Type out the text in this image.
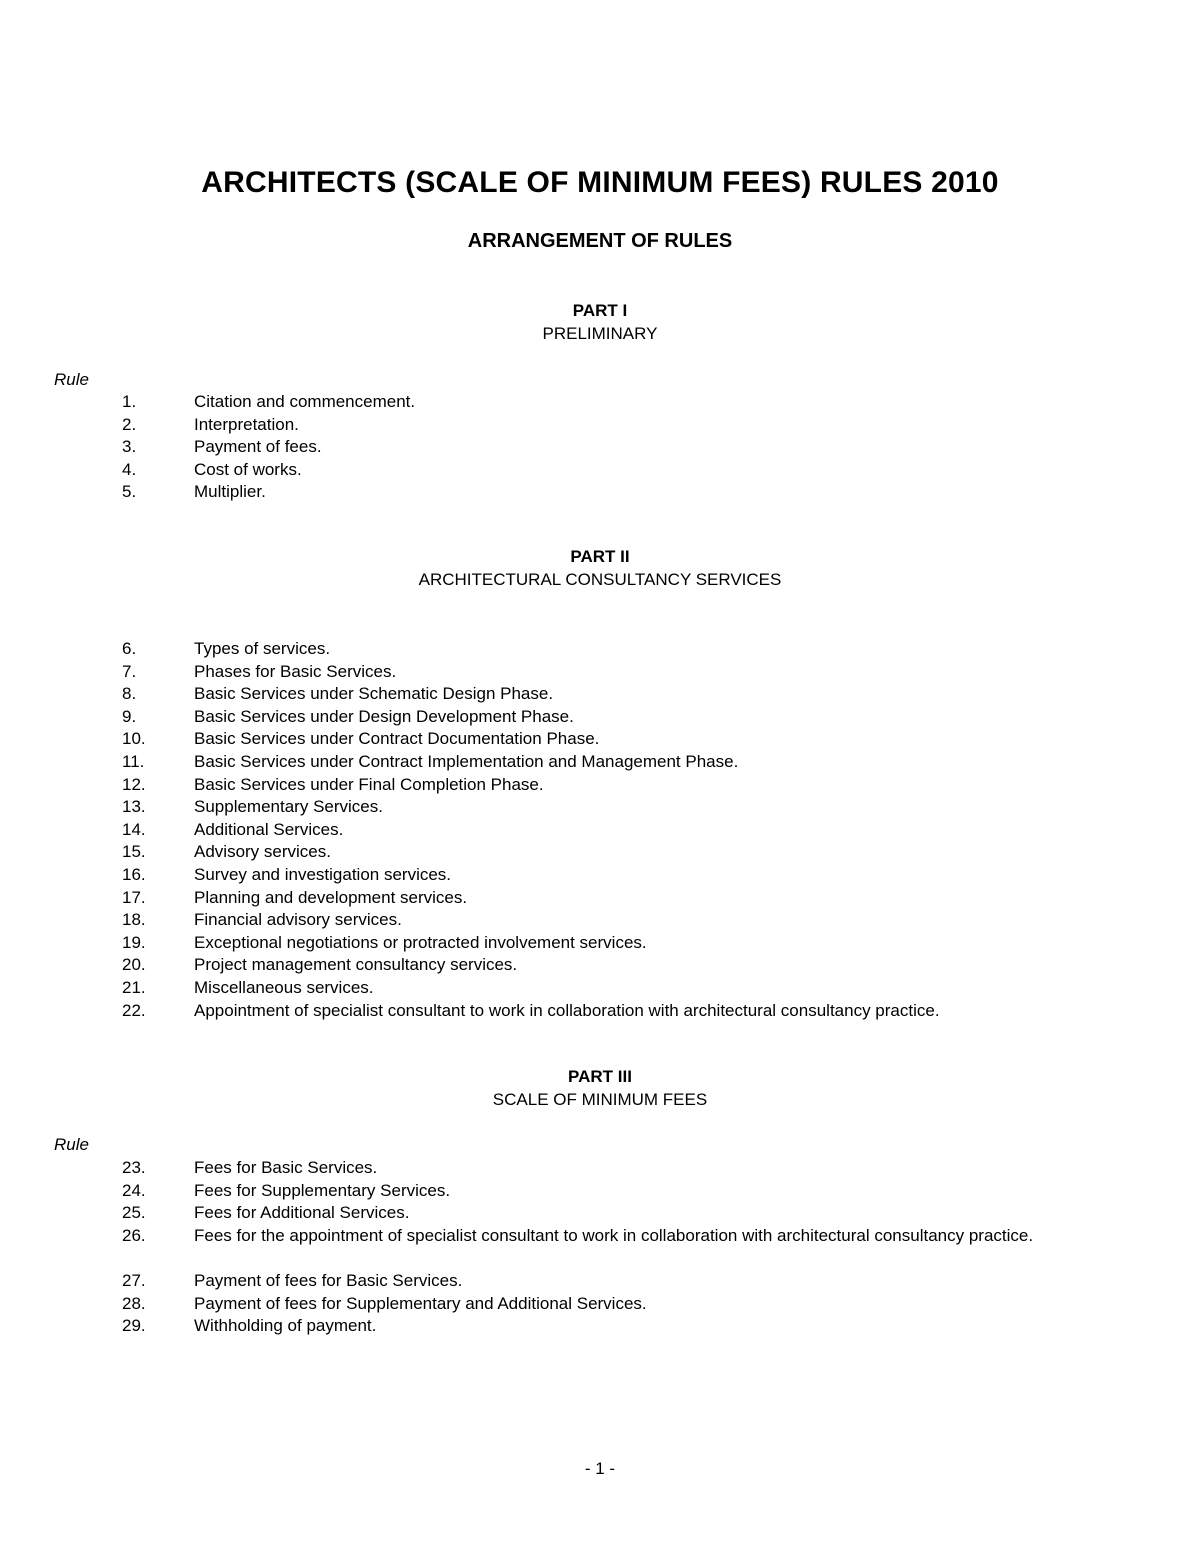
ARCHITECTS (SCALE OF MINIMUM FEES) RULES 2010
ARRANGEMENT OF RULES
PART I
PRELIMINARY
Rule
1.	Citation and commencement.
2.	Interpretation.
3.	Payment of fees.
4.	Cost of works.
5.	Multiplier.
PART II
ARCHITECTURAL CONSULTANCY SERVICES
6.	Types of services.
7.	Phases for Basic Services.
8.	Basic Services under Schematic Design Phase.
9.	Basic Services under Design Development Phase.
10.	Basic Services under Contract Documentation Phase.
11.	Basic Services under Contract Implementation and Management Phase.
12.	Basic Services under Final Completion Phase.
13.	Supplementary Services.
14.	Additional Services.
15.	Advisory services.
16.	Survey and investigation services.
17.	Planning and development services.
18.	Financial advisory services.
19.	Exceptional negotiations or protracted involvement services.
20.	Project management consultancy services.
21.	Miscellaneous services.
22.	Appointment of specialist consultant to work in collaboration with architectural consultancy practice.
PART III
SCALE OF MINIMUM FEES
Rule
23.	Fees for Basic Services.
24.	Fees for Supplementary Services.
25.	Fees for Additional Services.
26.	Fees for the appointment of specialist consultant to work in collaboration with architectural consultancy practice.
27.	Payment of fees for Basic Services.
28.	Payment of fees for Supplementary and Additional Services.
29.	Withholding of payment.
- 1 -
